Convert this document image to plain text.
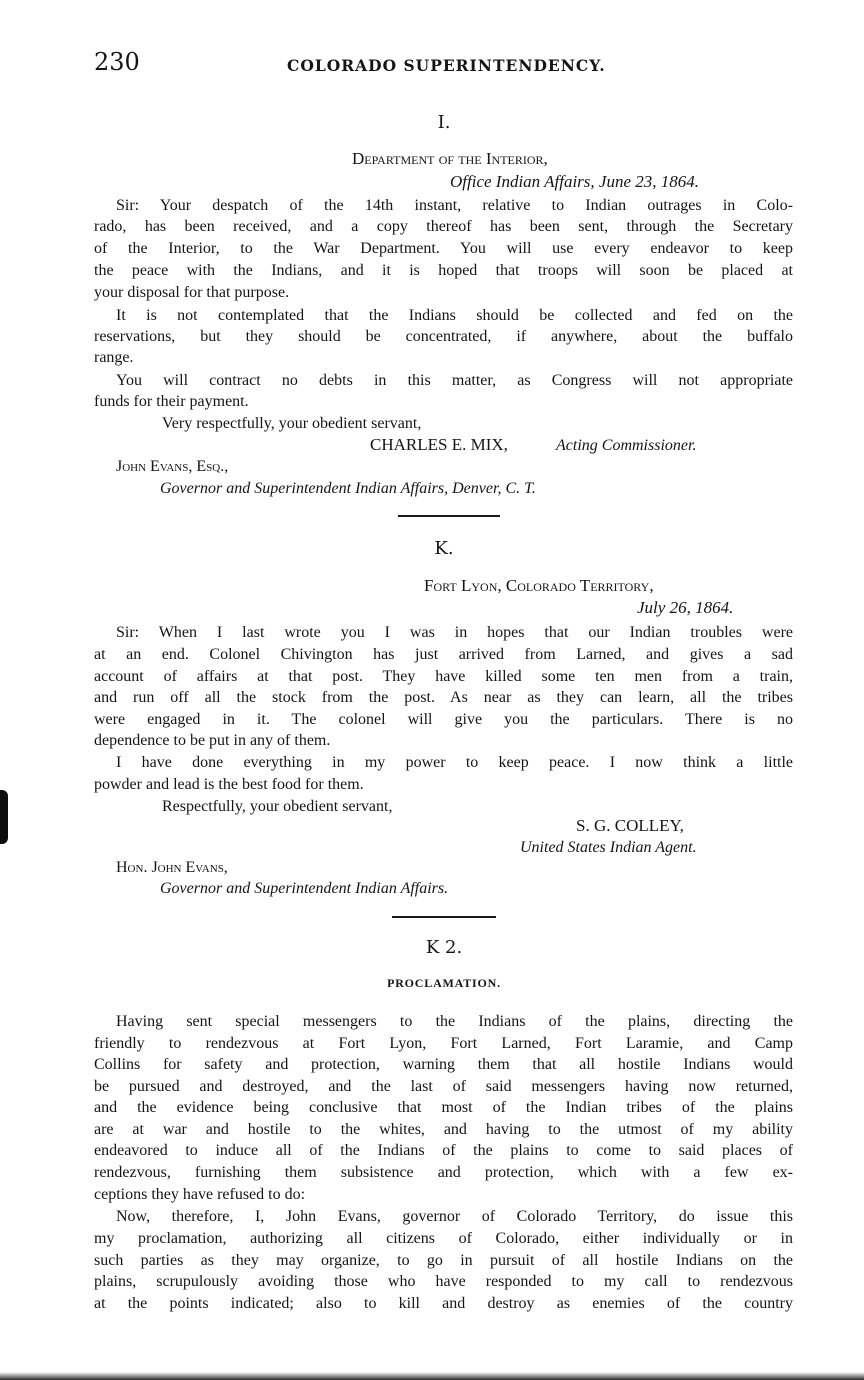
230	COLORADO SUPERINTENDENCY.
I.
Department of the Interior,
Office Indian Affairs, June 23, 1864.
Sir: Your despatch of the 14th instant, relative to Indian outrages in Colo-
rado, has been received, and a copy thereof has been sent, through the Secretary
of the Interior, to the War Department. You will use every endeavor to keep
the peace with the Indians, and it is hoped that troops will soon be placed at
your disposal for that purpose.
It is not contemplated that the Indians should be collected and fed on the
reservations, but they should be concentrated, if anywhere, about the buffalo
range.
You will contract no debts in this matter, as Congress will not appropriate
funds for their payment.
Very respectfully, your obedient servant,
CHARLES E. MIX,	Acting Commissioner.
John Evans, Esq.,
Governor and Superintendent Indian Affairs, Denver, C. T.
K.
Fort Lyon, Colorado Territory,
July 26, 1864.
Sir: When I last wrote you I was in hopes that our Indian troubles were
at an end. Colonel Chivington has just arrived from Larned, and gives a sad
account of affairs at that post. They have killed some ten men from a train,
and run off all the stock from the post. As near as they can learn, all the tribes
were engaged in it. The colonel will give you the particulars. There is no
dependence to be put in any of them.
I have done everything in my power to keep peace. I now think a little
powder and lead is the best food for them.
Respectfully, your obedient servant,
S. G. COLLEY,
United States Indian Agent.
Hon. John Evans,
Governor and Superintendent Indian Affairs.
K 2.
PROCLAMATION.
Having sent special messengers to the Indians of the plains, directing the
friendly to rendezvous at Fort Lyon, Fort Larned, Fort Laramie, and Camp
Collins for safety and protection, warning them that all hostile Indians would
be pursued and destroyed, and the last of said messengers having now returned,
and the evidence being conclusive that most of the Indian tribes of the plains
are at war and hostile to the whites, and having to the utmost of my ability
endeavored to induce all of the Indians of the plains to come to said places of
rendezvous, furnishing them subsistence and protection, which with a few ex-
ceptions they have refused to do:
Now, therefore, I, John Evans, governor of Colorado Territory, do issue this
my proclamation, authorizing all citizens of Colorado, either individually or in
such parties as they may organize, to go in pursuit of all hostile Indians on the
plains, scrupulously avoiding those who have responded to my call to rendezvous
at the points indicated; also to kill and destroy as enemies of the country
